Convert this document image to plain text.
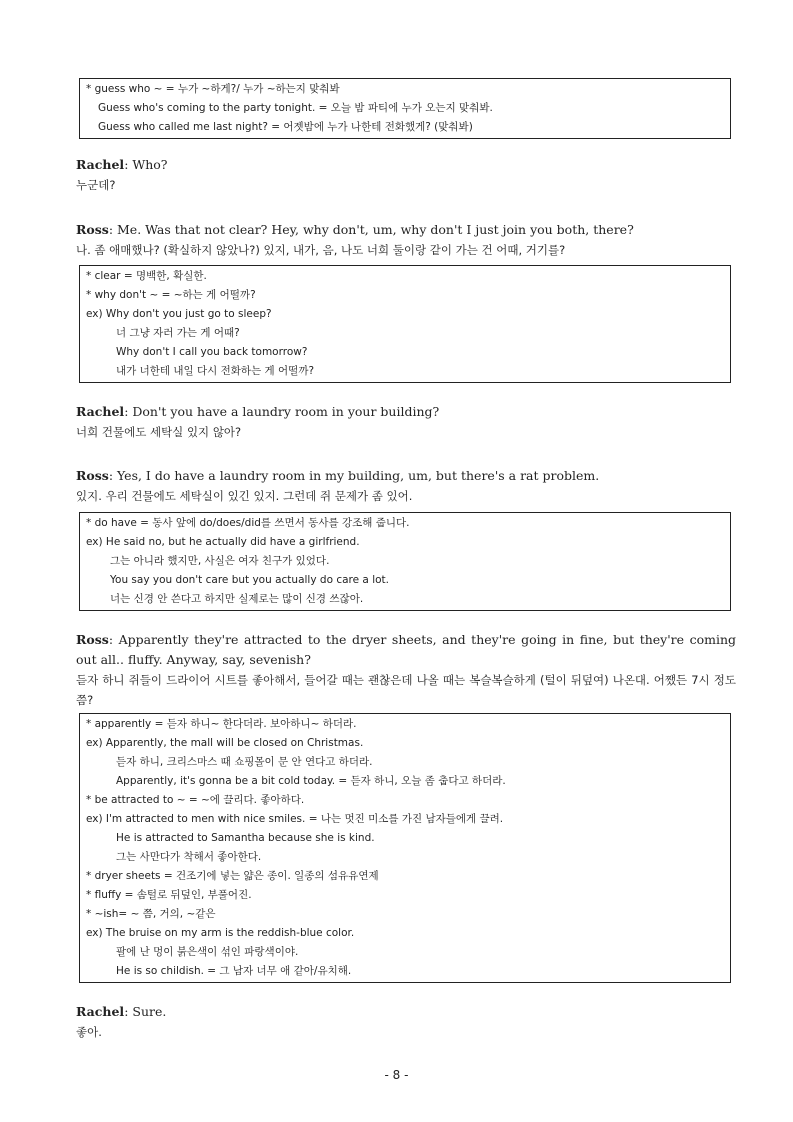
* guess who ~ = 누가 ~하게?/ 누가 ~하는지 맞춰봐
Guess who's coming to the party tonight. = 오늘 밤 파티에 누가 오는지 맞춰봐.
Guess who called me last night? = 어젯밤에 누가 나한테 전화했게? (맞춰봐)
Rachel: Who?
누군데?
Ross: Me. Was that not clear? Hey, why don't, um, why don't I just join you both, there?
나. 좀 애매했나? (확실하지 않았나?) 있지, 내가, 음, 나도 너희 둘이랑 같이 가는 건 어때, 거기를?
* clear = 명백한, 확실한.
* why don't ~ = ~하는 게 어떨까?
ex) Why don't you just go to sleep?
너 그냥 자러 가는 게 어때?
Why don't I call you back tomorrow?
내가 너한테 내일 다시 전화하는 게 어떨까?
Rachel: Don't you have a laundry room in your building?
너희 건물에도 세탁실 있지 않아?
Ross: Yes, I do have a laundry room in my building, um, but there's a rat problem.
있지. 우리 건물에도 세탁실이 있긴 있지. 그런데 쥐 문제가 좀 있어.
* do have = 동사 앞에 do/does/did를 쓰면서 동사를 강조해 줍니다.
ex) He said no, but he actually did have a girlfriend.
그는 아니라 했지만, 사실은 여자 친구가 있었다.
You say you don't care but you actually do care a lot.
너는 신경 안 쓴다고 하지만 실제로는 많이 신경 쓰잖아.
Ross: Apparently they're attracted to the dryer sheets, and they're going in fine, but they're coming out all.. fluffy. Anyway, say, sevenish?
듣자 하니 쥐들이 드라이어 시트를 좋아해서, 들어갈 때는 괜찮은데 나올 때는 복슬복슬하게 (털이 뒤덮여) 나온대. 어쨌든 7시 정도쯤?
* apparently = 듣자 하니~ 한다더라. 보아하니~ 하더라.
ex) Apparently, the mall will be closed on Christmas.
듣자 하니, 크리스마스 때 쇼핑몰이 문 안 연다고 하더라.
Apparently, it's gonna be a bit cold today. = 듣자 하니, 오늘 좀 춥다고 하더라.
* be attracted to ~ = ~에 끌리다. 좋아하다.
ex) I'm attracted to men with nice smiles. = 나는 멋진 미소를 가진 남자들에게 끌려.
He is attracted to Samantha because she is kind.
그는 사만다가 착해서 좋아한다.
* dryer sheets = 건조기에 넣는 얇은 종이. 일종의 섬유유연제
* fluffy = 솜털로 뒤덮인, 부풀어진.
* ~ish= ~ 쯤, 거의, ~같은
ex) The bruise on my arm is the reddish-blue color.
팔에 난 멍이 붉은색이 섞인 파랑색이야.
He is so childish. = 그 남자 너무 애 같아/유치해.
Rachel: Sure.
좋아.
- 8 -
